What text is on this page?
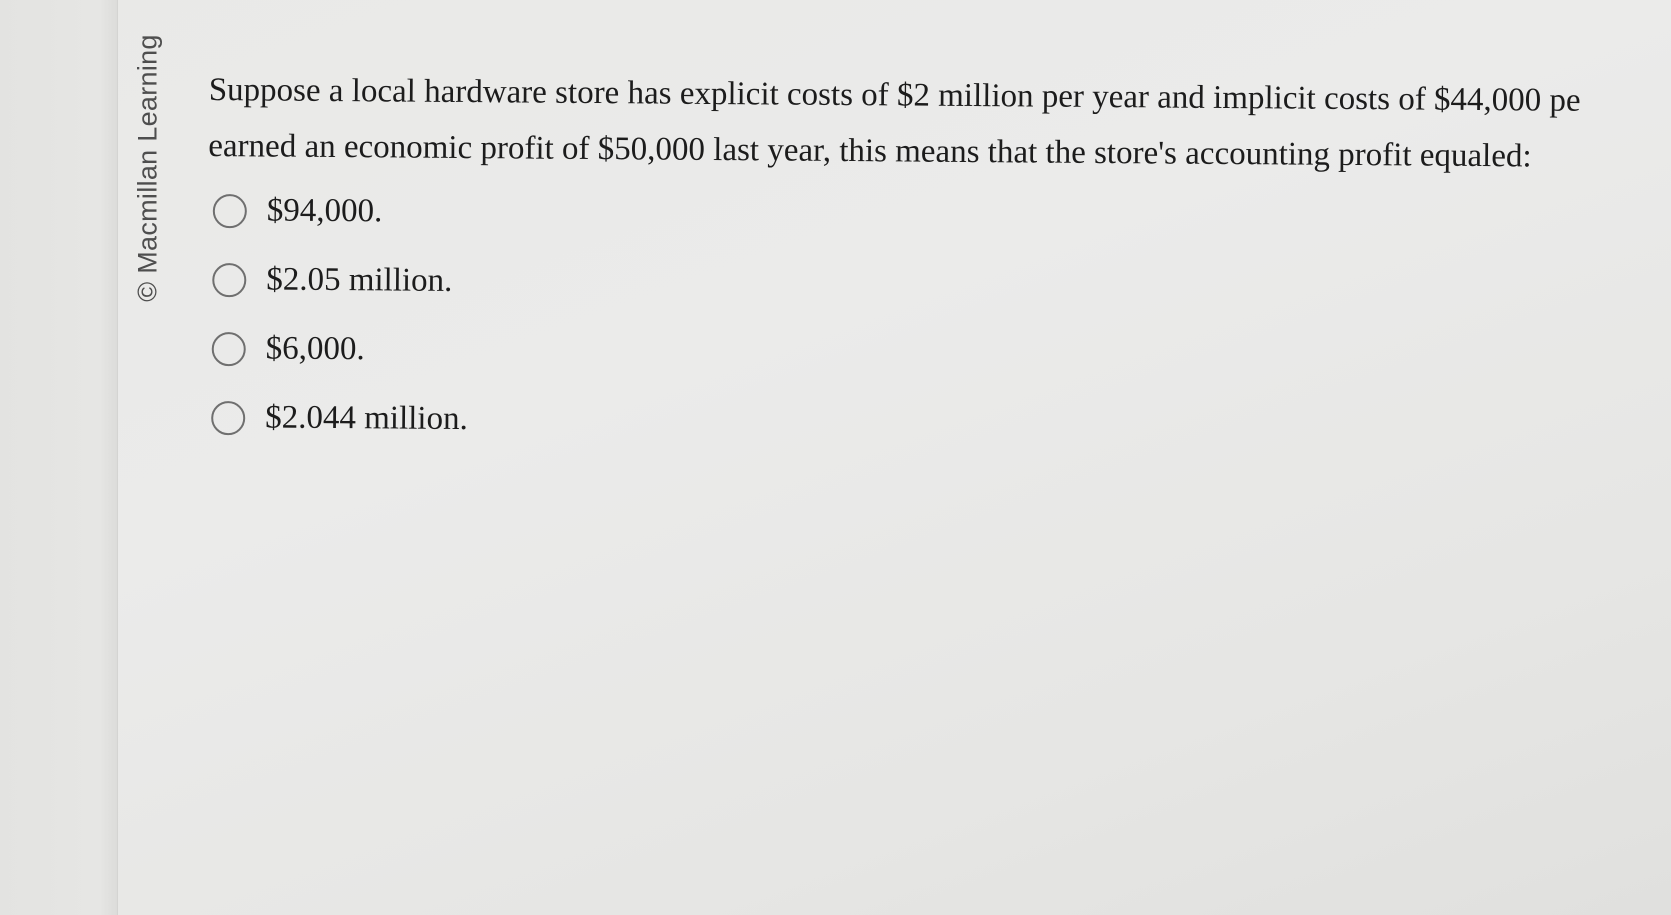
© Macmillan Learning Suppose a local hardware store has explicit costs of $2 million per year and implicit costs of $44,000 pe
earned an economic profit of $50,000 last year, this means that the store's accounting profit equaled:
$94,000.
$2.05 million.
$6,000.
$2.044 million.
